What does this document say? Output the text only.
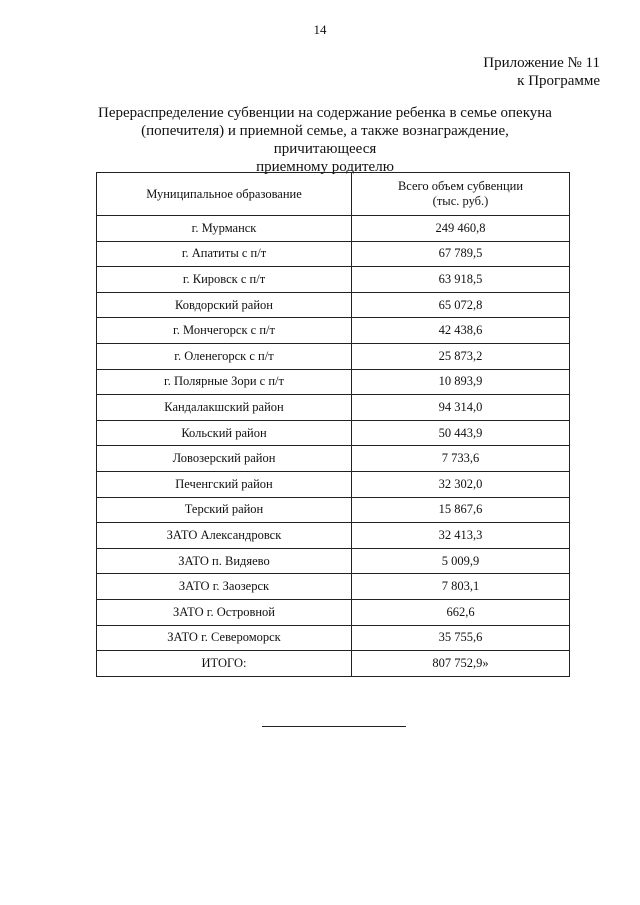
14
Приложение № 11
к Программе
Перераспределение субвенции на содержание ребенка в семье опекуна
(попечителя) и приемной семье, а также вознаграждение, причитающееся
приемному родителю
Муниципальное образование	Всего объем субвенции
(тыс. руб.)

г. Мурманск	249 460,8
г. Апатиты с п/т	67 789,5
г. Кировск с п/т	63 918,5
Ковдорский район	65 072,8
г. Мончегорск с п/т	42 438,6
г. Оленегорск с п/т	25 873,2
г. Полярные Зори с п/т	10 893,9
Кандалакшский район	94 314,0
Кольский район	50 443,9
Ловозерский район	7 733,6
Печенгский район	32 302,0
Терский район	15 867,6
ЗАТО Александровск	32 413,3
ЗАТО п. Видяево	5 009,9
ЗАТО г. Заозерск	7 803,1
ЗАТО г. Островной	662,6
ЗАТО г. Североморск	35 755,6
ИТОГО:	807 752,9»
